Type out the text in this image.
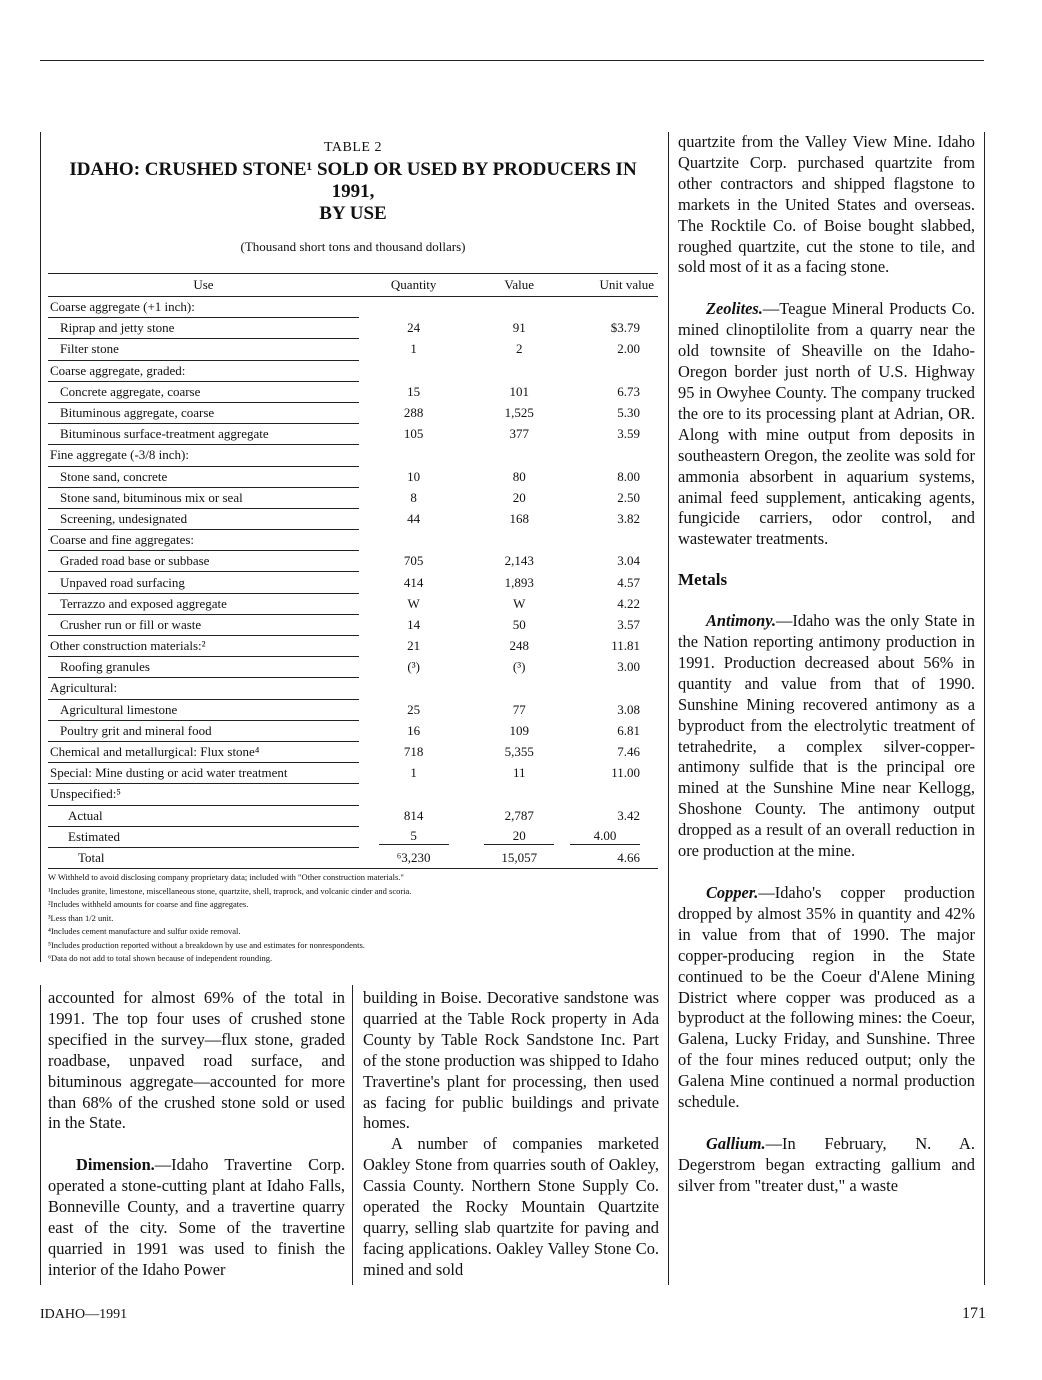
TABLE 2
IDAHO: CRUSHED STONE¹ SOLD OR USED BY PRODUCERS IN 1991,
BY USE
(Thousand short tons and thousand dollars)
Use	Quantity	Value	Unit value
Coarse aggregate (+1 inch):			
Riprap and jetty stone	24	91	$3.79
Filter stone	1	2	2.00
Coarse aggregate, graded:			
Concrete aggregate, coarse	15	101	6.73
Bituminous aggregate, coarse	288	1,525	5.30
Bituminous surface-treatment aggregate	105	377	3.59
Fine aggregate (-3/8 inch):			
Stone sand, concrete	10	80	8.00
Stone sand, bituminous mix or seal	8	20	2.50
Screening, undesignated	44	168	3.82
Coarse and fine aggregates:			
Graded road base or subbase	705	2,143	3.04
Unpaved road surfacing	414	1,893	4.57
Terrazzo and exposed aggregate	W	W	4.22
Crusher run or fill or waste	14	50	3.57
Other construction materials:²	21	248	11.81
Roofing granules	(³)	(³)	3.00
Agricultural:			
Agricultural limestone	25	77	3.08
Poultry grit and mineral food	16	109	6.81
Chemical and metallurgical: Flux stone⁴	718	5,355	7.46
Special: Mine dusting or acid water treatment	1	11	11.00
Unspecified:⁵			
Actual	814	2,787	3.42
Estimated	5	20	4.00
Total	⁶3,230	15,057	4.66
W Withheld to avoid disclosing company proprietary data; included with "Other construction materials."
¹Includes granite, limestone, miscellaneous stone, quartzite, shell, traprock, and volcanic cinder and scoria.
²Includes withheld amounts for coarse and fine aggregates.
³Less than 1/2 unit.
⁴Includes cement manufacture and sulfur oxide removal.
⁵Includes production reported without a breakdown by use and estimates for nonrespondents.
⁶Data do not add to total shown because of independent rounding.

accounted for almost 69% of the total in 1991. The top four uses of crushed stone specified in the survey—flux stone, graded roadbase, unpaved road surface, and bituminous aggregate—accounted for more than 68% of the crushed stone sold or used in the State.

Dimension.—Idaho Travertine Corp. operated a stone-cutting plant at Idaho Falls, Bonneville County, and a travertine quarry east of the city. Some of the travertine quarried in 1991 was used to finish the interior of the Idaho Power

building in Boise. Decorative sandstone was quarried at the Table Rock property in Ada County by Table Rock Sandstone Inc. Part of the stone production was shipped to Idaho Travertine's plant for processing, then used as facing for public buildings and private homes.

A number of companies marketed Oakley Stone from quarries south of Oakley, Cassia County. Northern Stone Supply Co. operated the Rocky Mountain Quartzite quarry, selling slab quartzite for paving and facing applications. Oakley Valley Stone Co. mined and sold

quartzite from the Valley View Mine. Idaho Quartzite Corp. purchased quartzite from other contractors and shipped flagstone to markets in the United States and overseas. The Rocktile Co. of Boise bought slabbed, roughed quartzite, cut the stone to tile, and sold most of it as a facing stone.

Zeolites.—Teague Mineral Products Co. mined clinoptilolite from a quarry near the old townsite of Sheaville on the Idaho-Oregon border just north of U.S. Highway 95 in Owyhee County. The company trucked the ore to its processing plant at Adrian, OR. Along with mine output from deposits in southeastern Oregon, the zeolite was sold for ammonia absorbent in aquarium systems, animal feed supplement, anticaking agents, fungicide carriers, odor control, and wastewater treatments.

Metals

Antimony.—Idaho was the only State in the Nation reporting antimony production in 1991. Production decreased about 56% in quantity and value from that of 1990. Sunshine Mining recovered antimony as a byproduct from the electrolytic treatment of tetrahedrite, a complex silver-copper-antimony sulfide that is the principal ore mined at the Sunshine Mine near Kellogg, Shoshone County. The antimony output dropped as a result of an overall reduction in ore production at the mine.

Copper.—Idaho's copper production dropped by almost 35% in quantity and 42% in value from that of 1990. The major copper-producing region in the State continued to be the Coeur d'Alene Mining District where copper was produced as a byproduct at the following mines: the Coeur, Galena, Lucky Friday, and Sunshine. Three of the four mines reduced output; only the Galena Mine continued a normal production schedule.

Gallium.—In February, N. A. Degerstrom began extracting gallium and silver from "treater dust," a waste

IDAHO—1991	171
